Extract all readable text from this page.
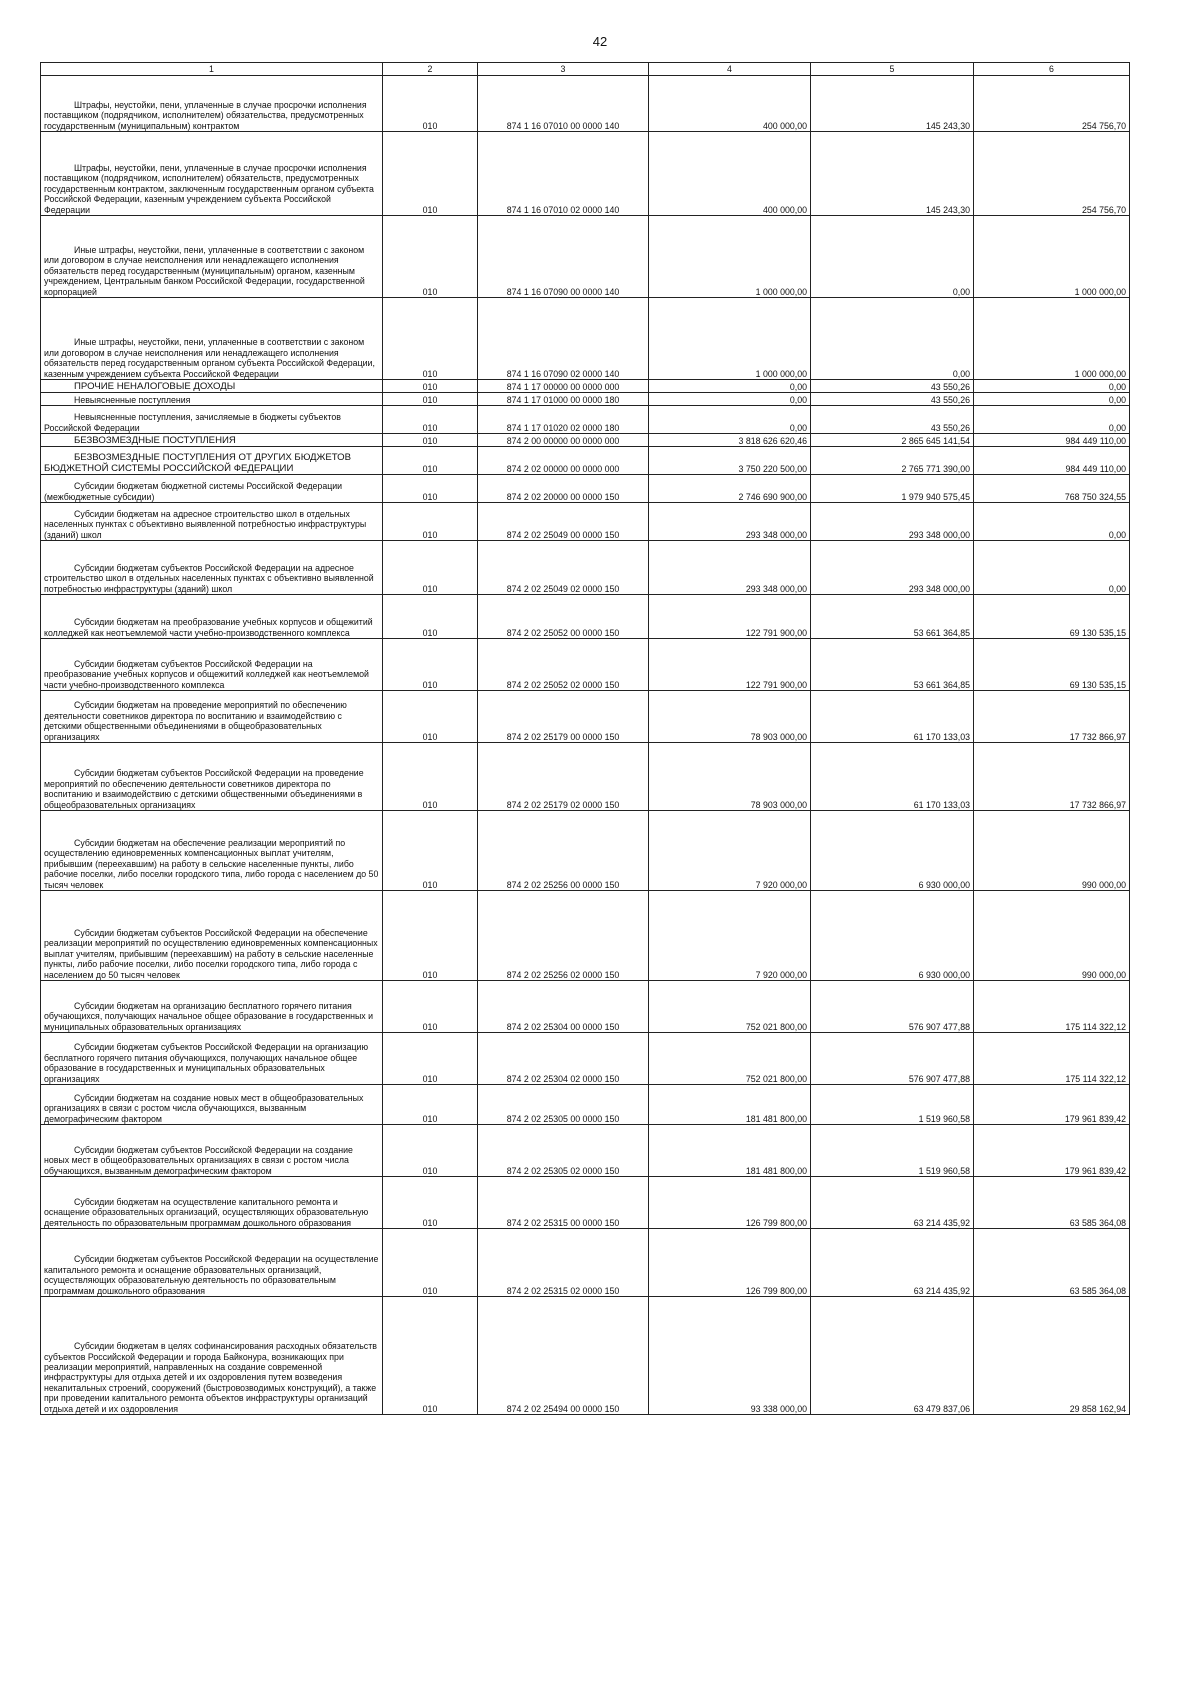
42
1	2	3	4	5	6

Штрафы, неустойки, пени, уплаченные в случае просрочки исполнения поставщиком (подрядчиком, исполнителем) обязательства, предусмотренных государственным (муниципальным) контрактом	010	874 1 16 07010 00 0000 140	400 000,00	145 243,30	254 756,70

Штрафы, неустойки, пени, уплаченные в случае просрочки исполнения поставщиком (подрядчиком, исполнителем) обязательств, предусмотренных государственным контрактом, заключенным государственным органом субъекта Российской Федерации, казенным учреждением субъекта Российской Федерации	010	874 1 16 07010 02 0000 140	400 000,00	145 243,30	254 756,70

Иные штрафы, неустойки, пени, уплаченные в соответствии с законом или договором в случае неисполнения или ненадлежащего исполнения обязательств перед государственным (муниципальным) органом, казенным учреждением, Центральным банком Российской Федерации, государственной корпорацией	010	874 1 16 07090 00 0000 140	1 000 000,00	0,00	1 000 000,00

Иные штрафы, неустойки, пени, уплаченные в соответствии с законом или договором в случае неисполнения или ненадлежащего исполнения обязательств перед государственным органом субъекта Российской Федерации, казенным учреждением субъекта Российской Федерации	010	874 1 16 07090 02 0000 140	1 000 000,00	0,00	1 000 000,00

ПРОЧИЕ НЕНАЛОГОВЫЕ ДОХОДЫ	010	874 1 17 00000 00 0000 000	0,00	43 550,26	0,00

Невыясненные поступления	010	874 1 17 01000 00 0000 180	0,00	43 550,26	0,00

Невыясненные поступления, зачисляемые в бюджеты субъектов Российской Федерации	010	874 1 17 01020 02 0000 180	0,00	43 550,26	0,00

БЕЗВОЗМЕЗДНЫЕ ПОСТУПЛЕНИЯ	010	874 2 00 00000 00 0000 000	3 818 626 620,46	2 865 645 141,54	984 449 110,00

БЕЗВОЗМЕЗДНЫЕ ПОСТУПЛЕНИЯ ОТ ДРУГИХ БЮДЖЕТОВ БЮДЖЕТНОЙ СИСТЕМЫ РОССИЙСКОЙ ФЕДЕРАЦИИ	010	874 2 02 00000 00 0000 000	3 750 220 500,00	2 765 771 390,00	984 449 110,00

Субсидии бюджетам бюджетной системы Российской Федерации (межбюджетные субсидии)	010	874 2 02 20000 00 0000 150	2 746 690 900,00	1 979 940 575,45	768 750 324,55

Субсидии бюджетам на адресное строительство школ в отдельных населенных пунктах с объективно выявленной потребностью инфраструктуры (зданий) школ	010	874 2 02 25049 00 0000 150	293 348 000,00	293 348 000,00	0,00

Субсидии бюджетам субъектов Российской Федерации на адресное строительство школ в отдельных населенных пунктах с объективно выявленной потребностью инфраструктуры (зданий) школ	010	874 2 02 25049 02 0000 150	293 348 000,00	293 348 000,00	0,00

Субсидии бюджетам на преобразование учебных корпусов и общежитий колледжей как неотъемлемой части учебно-производственного комплекса	010	874 2 02 25052 00 0000 150	122 791 900,00	53 661 364,85	69 130 535,15

Субсидии бюджетам субъектов Российской Федерации на преобразование учебных корпусов и общежитий колледжей как неотъемлемой части учебно-производственного комплекса	010	874 2 02 25052 02 0000 150	122 791 900,00	53 661 364,85	69 130 535,15

Субсидии бюджетам на проведение мероприятий по обеспечению деятельности советников директора по воспитанию и взаимодействию с детскими общественными объединениями в общеобразовательных организациях	010	874 2 02 25179 00 0000 150	78 903 000,00	61 170 133,03	17 732 866,97

Субсидии бюджетам субъектов Российской Федерации на проведение мероприятий по обеспечению деятельности советников директора по воспитанию и взаимодействию с детскими общественными объединениями в общеобразовательных организациях	010	874 2 02 25179 02 0000 150	78 903 000,00	61 170 133,03	17 732 866,97

Субсидии бюджетам на обеспечение реализации мероприятий по осуществлению единовременных компенсационных выплат учителям, прибывшим (переехавшим) на работу в сельские населенные пункты, либо рабочие поселки, либо поселки городского типа, либо города с населением до 50 тысяч человек	010	874 2 02 25256 00 0000 150	7 920 000,00	6 930 000,00	990 000,00

Субсидии бюджетам субъектов Российской Федерации на обеспечение реализации мероприятий по осуществлению единовременных компенсационных выплат учителям, прибывшим (переехавшим) на работу в сельские населенные пункты, либо рабочие поселки, либо поселки городского типа, либо города с населением до 50 тысяч человек	010	874 2 02 25256 02 0000 150	7 920 000,00	6 930 000,00	990 000,00

Субсидии бюджетам на организацию бесплатного горячего питания обучающихся, получающих начальное общее образование в государственных и муниципальных образовательных организациях	010	874 2 02 25304 00 0000 150	752 021 800,00	576 907 477,88	175 114 322,12

Субсидии бюджетам субъектов Российской Федерации на организацию бесплатного горячего питания обучающихся, получающих начальное общее образование в государственных и муниципальных образовательных организациях	010	874 2 02 25304 02 0000 150	752 021 800,00	576 907 477,88	175 114 322,12

Субсидии бюджетам на создание новых мест в общеобразовательных организациях в связи с ростом числа обучающихся, вызванным демографическим фактором	010	874 2 02 25305 00 0000 150	181 481 800,00	1 519 960,58	179 961 839,42

Субсидии бюджетам субъектов Российской Федерации на создание новых мест в общеобразовательных организациях в связи с ростом числа обучающихся, вызванным демографическим фактором	010	874 2 02 25305 02 0000 150	181 481 800,00	1 519 960,58	179 961 839,42

Субсидии бюджетам на осуществление капитального ремонта и оснащение образовательных организаций, осуществляющих образовательную деятельность по образовательным программам дошкольного образования	010	874 2 02 25315 00 0000 150	126 799 800,00	63 214 435,92	63 585 364,08

Субсидии бюджетам субъектов Российской Федерации на осуществление капитального ремонта и оснащение образовательных организаций, осуществляющих образовательную деятельность по образовательным программам дошкольного образования	010	874 2 02 25315 02 0000 150	126 799 800,00	63 214 435,92	63 585 364,08

Субсидии бюджетам в целях софинансирования расходных обязательств субъектов Российской Федерации и города Байконура, возникающих при реализации мероприятий, направленных на создание современной инфраструктуры для отдыха детей и их оздоровления путем возведения некапитальных строений, сооружений (быстровозводимых конструкций), а также при проведении капитального ремонта объектов инфраструктуры организаций отдыха детей и их оздоровления	010	874 2 02 25494 00 0000 150	93 338 000,00	63 479 837,06	29 858 162,94
